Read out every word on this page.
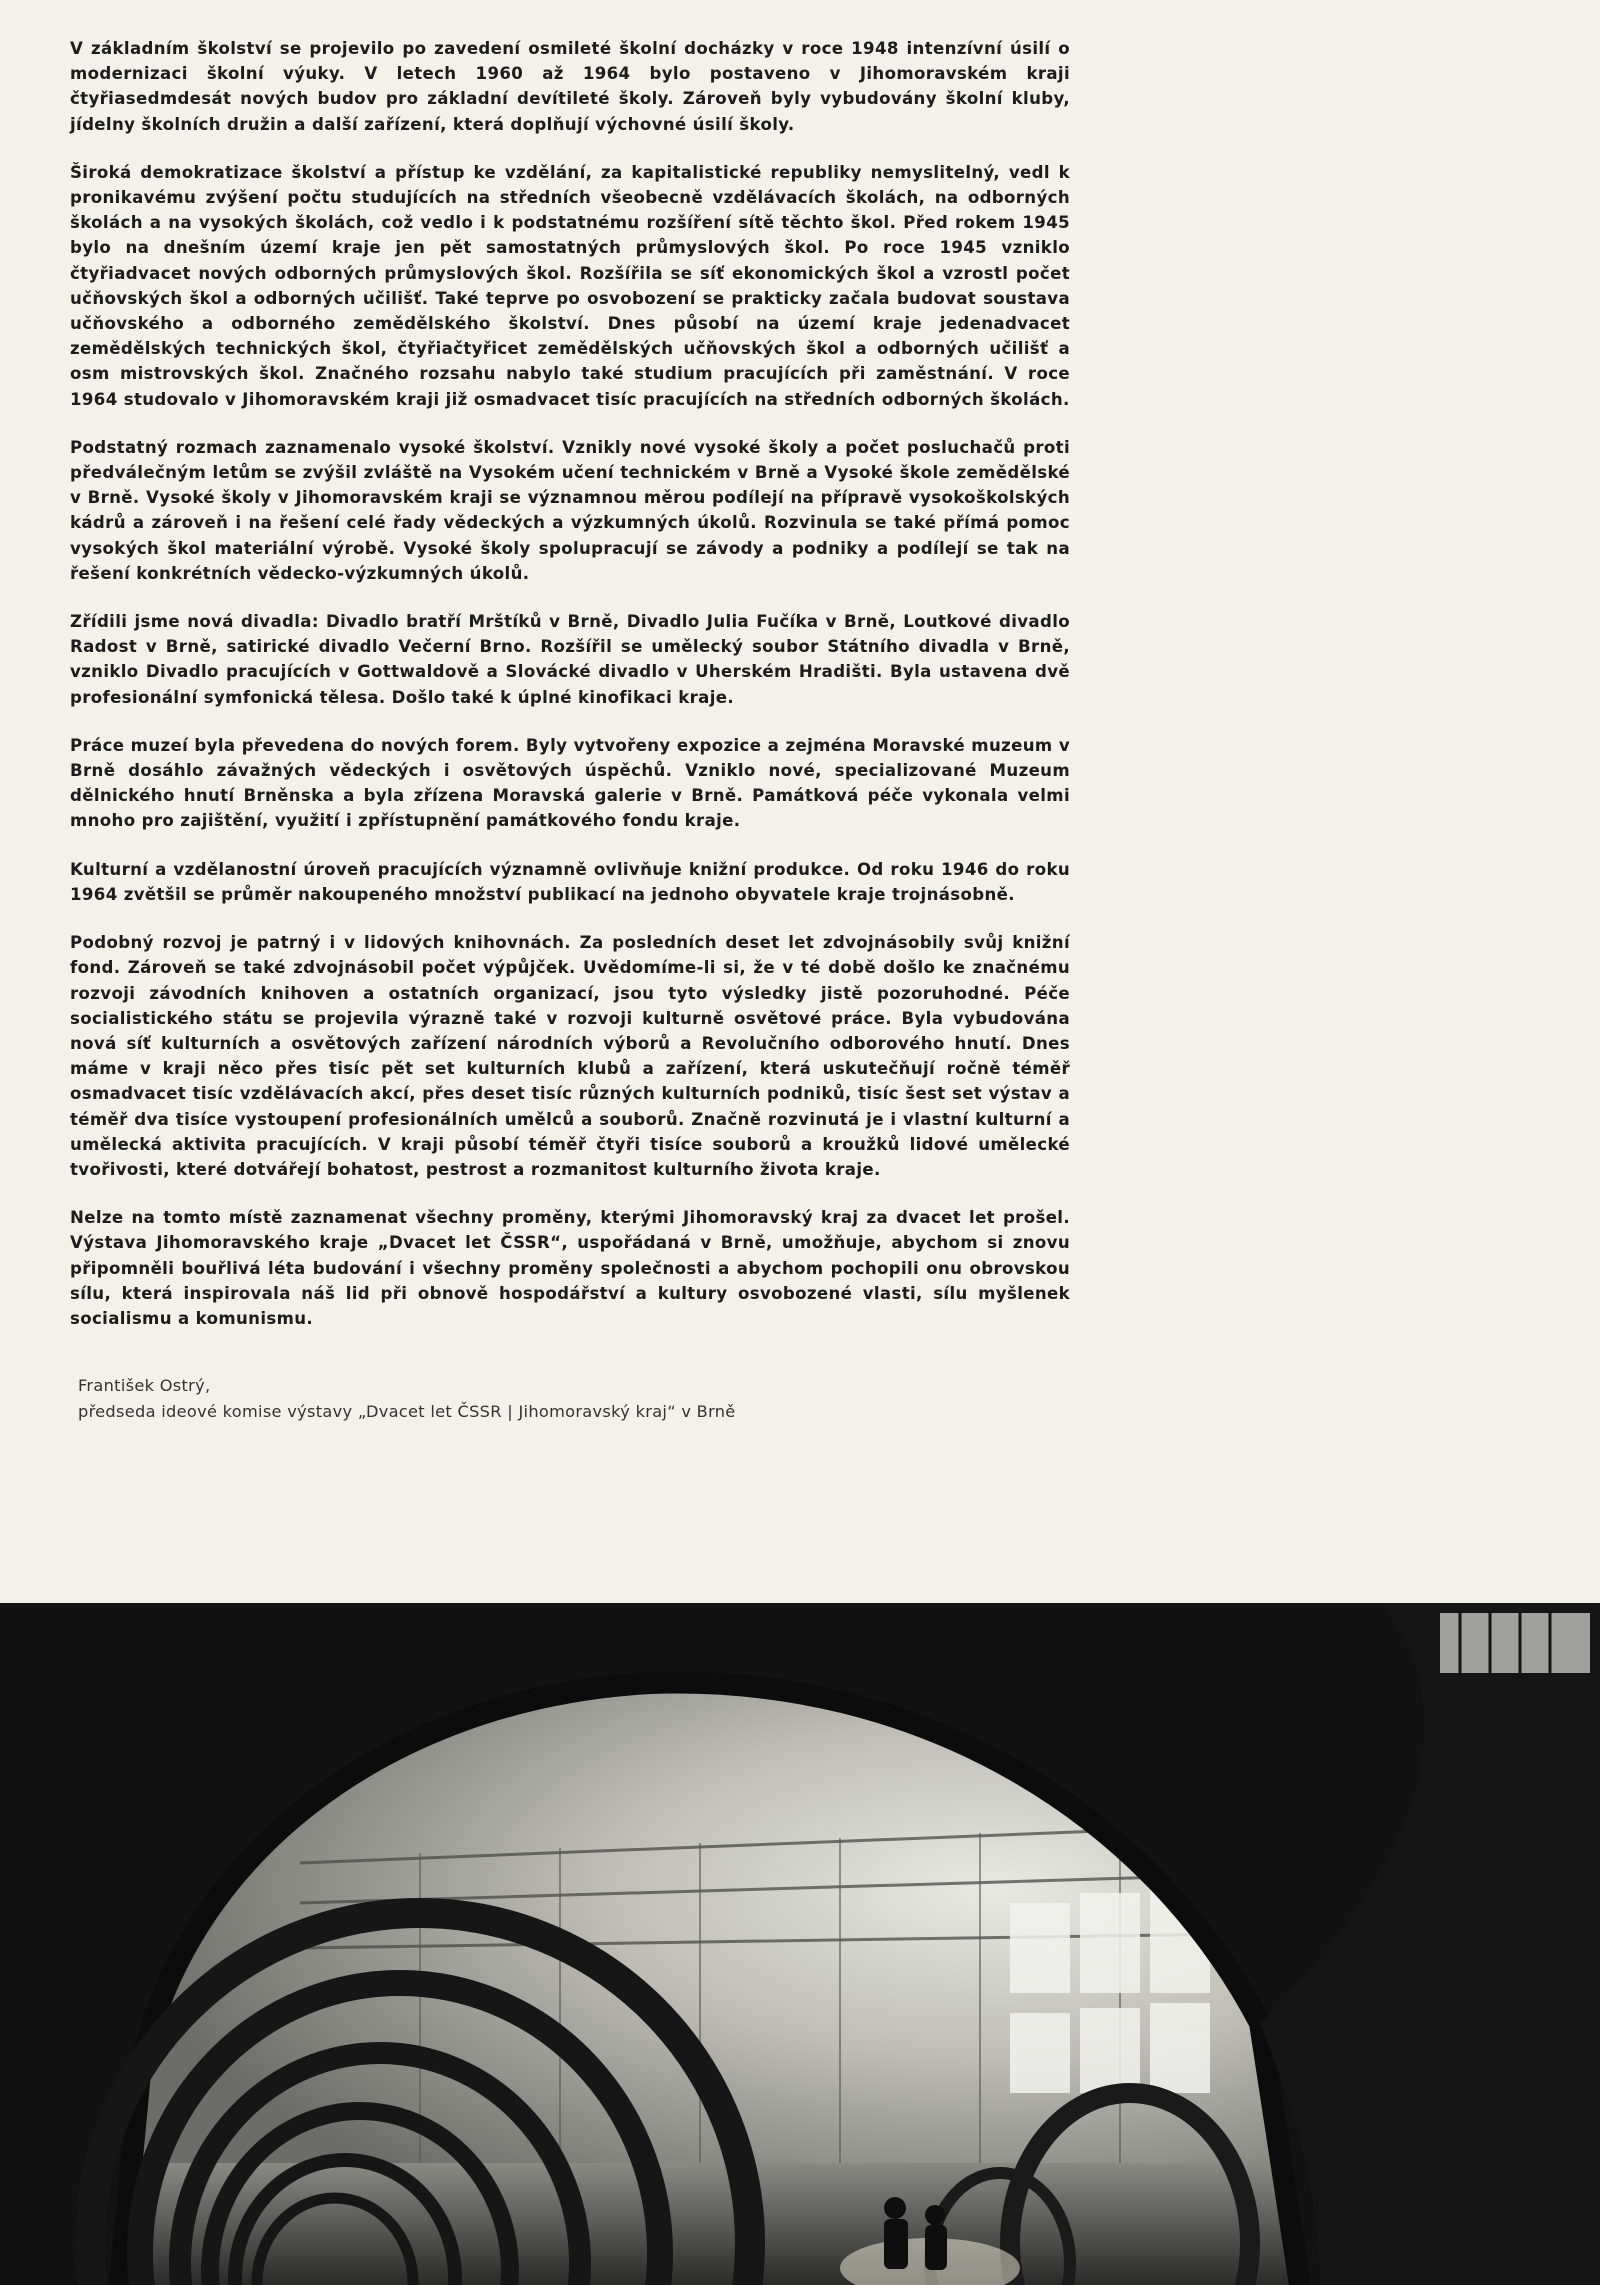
V základním školství se projevilo po zavedení osmileté školní docházky v roce 1948 intenzívní úsilí o modernizaci školní výuky. V letech 1960 až 1964 bylo postaveno v Jihomoravském kraji čtyřiasedmdesát nových budov pro základní devítileté školy. Zároveň byly vybudovány školní kluby, jídelny školních družin a další zařízení, která doplňují výchovné úsilí školy.

Široká demokratizace školství a přístup ke vzdělání, za kapitalistické republiky nemyslitelný, vedl k pronikavému zvýšení počtu studujících na středních všeobecně vzdělávacích školách, na odborných školách a na vysokých školách, což vedlo i k podstatnému rozšíření sítě těchto škol. Před rokem 1945 bylo na dnešním území kraje jen pět samostatných průmyslových škol. Po roce 1945 vzniklo čtyřiadvacet nových odborných průmyslových škol. Rozšířila se síť ekonomických škol a vzrostl počet učňovských škol a odborných učilišť. Také teprve po osvobození se prakticky začala budovat soustava učňovského a odborného zemědělského školství. Dnes působí na území kraje jedenadvacet zemědělských technických škol, čtyřiačtyřicet zemědělských učňovských škol a odborných učilišť a osm mistrovských škol. Značného rozsahu nabylo také studium pracujících při zaměstnání. V roce 1964 studovalo v Jihomoravském kraji již osmadvacet tisíc pracujících na středních odborných školách.

Podstatný rozmach zaznamenalo vysoké školství. Vznikly nové vysoké školy a počet posluchačů proti předválečným letům se zvýšil zvláště na Vysokém učení technickém v Brně a Vysoké škole zemědělské v Brně. Vysoké školy v Jihomoravském kraji se významnou měrou podílejí na přípravě vysokoškolských kádrů a zároveň i na řešení celé řady vědeckých a výzkumných úkolů. Rozvinula se také přímá pomoc vysokých škol materiální výrobě. Vysoké školy spolupracují se závody a podniky a podílejí se tak na řešení konkrétních vědecko-výzkumných úkolů.

Zřídili jsme nová divadla: Divadlo bratří Mrštíků v Brně, Divadlo Julia Fučíka v Brně, Loutkové divadlo Radost v Brně, satirické divadlo Večerní Brno. Rozšířil se umělecký soubor Státního divadla v Brně, vzniklo Divadlo pracujících v Gottwaldově a Slovácké divadlo v Uherském Hradišti. Byla ustavena dvě profesionální symfonická tělesa. Došlo také k úplné kinofikaci kraje.

Práce muzeí byla převedena do nových forem. Byly vytvořeny expozice a zejména Moravské muzeum v Brně dosáhlo závažných vědeckých i osvětových úspěchů. Vzniklo nové, specializované Muzeum dělnického hnutí Brněnska a byla zřízena Moravská galerie v Brně. Památková péče vykonala velmi mnoho pro zajištění, využití i zpřístupnění památkového fondu kraje.

Kulturní a vzdělanostní úroveň pracujících významně ovlivňuje knižní produkce. Od roku 1946 do roku 1964 zvětšil se průměr nakoupeného množství publikací na jednoho obyvatele kraje trojnásobně.

Podobný rozvoj je patrný i v lidových knihovnách. Za posledních deset let zdvojnásobily svůj knižní fond. Zároveň se také zdvojnásobil počet výpůjček. Uvědomíme-li si, že v té době došlo ke značnému rozvoji závodních knihoven a ostatních organizací, jsou tyto výsledky jistě pozoruhodné. Péče socialistického státu se projevila výrazně také v rozvoji kulturně osvětové práce. Byla vybudována nová síť kulturních a osvětových zařízení národních výborů a Revolučního odborového hnutí. Dnes máme v kraji něco přes tisíc pět set kulturních klubů a zařízení, která uskutečňují ročně téměř osmadvacet tisíc vzdělávacích akcí, přes deset tisíc různých kulturních podniků, tisíc šest set výstav a téměř dva tisíce vystoupení profesionálních umělců a souborů. Značně rozvinutá je i vlastní kulturní a umělecká aktivita pracujících. V kraji působí téměř čtyři tisíce souborů a kroužků lidové umělecké tvořivosti, které dotvářejí bohatost, pestrost a rozmanitost kulturního života kraje.

Nelze na tomto místě zaznamenat všechny proměny, kterými Jihomoravský kraj za dvacet let prošel. Výstava Jihomoravského kraje „Dvacet let ČSSR“, uspořádaná v Brně, umožňuje, abychom si znovu připomněli bouřlivá léta budování i všechny proměny společnosti a abychom pochopili onu obrovskou sílu, která inspirovala náš lid při obnově hospodářství a kultury osvobozené vlasti, sílu myšlenek socialismu a komunismu.

František Ostrý,

předseda ideové komise výstavy „Dvacet let ČSSR | Jihomoravský kraj“ v Brně
